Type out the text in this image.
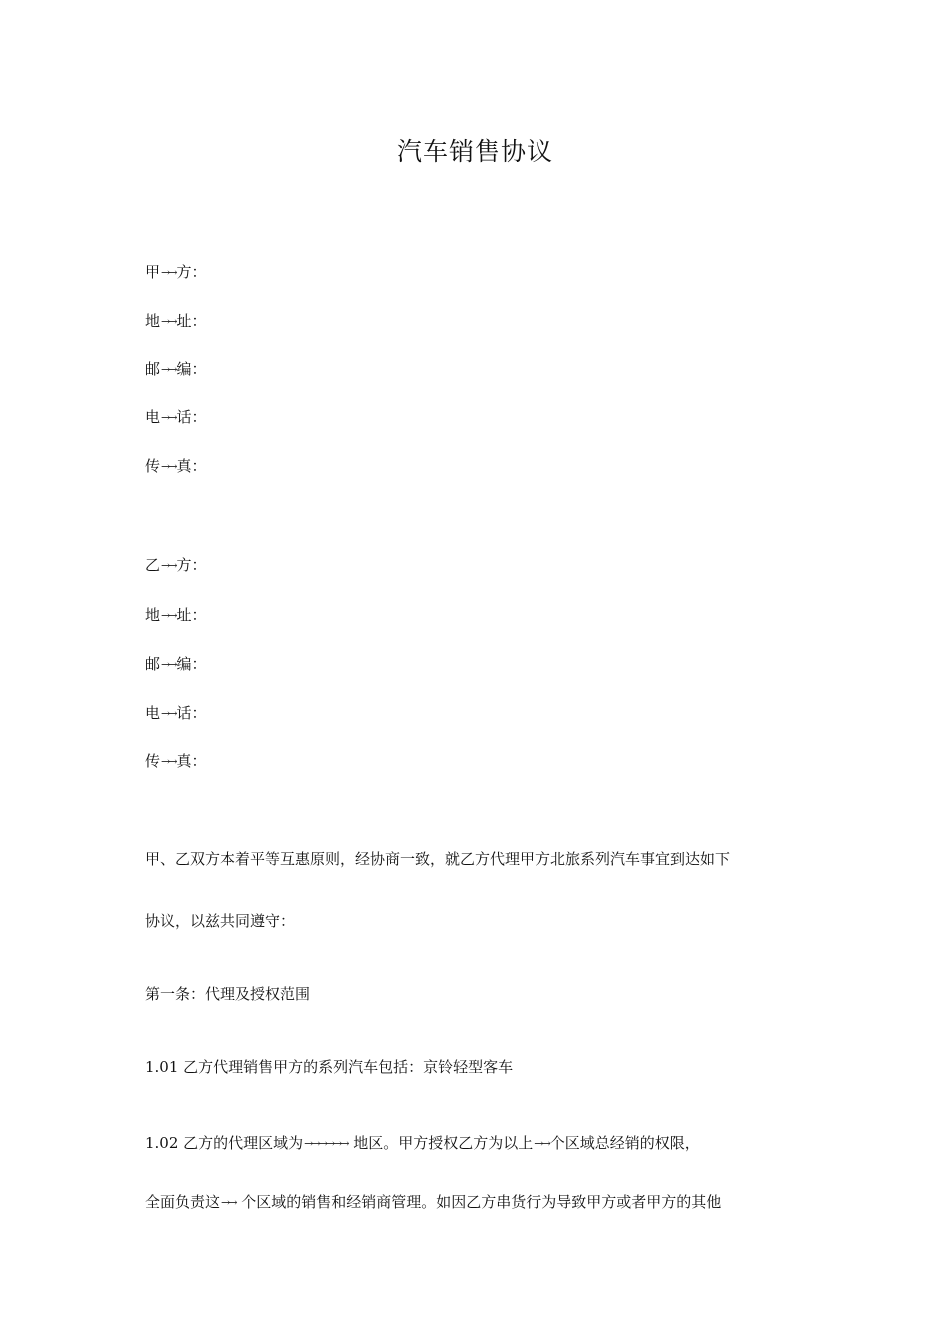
汽车销售协议
甲→→方：
地→→址：
邮→→编：
电→→话：
传→→真：
乙→→方：
地→→址：
邮→→编：
电→→话：
传→→真：
甲、乙双方本着平等互惠原则，经协商一致，就乙方代理甲方北旅系列汽车事宜到达如下
协议，以兹共同遵守：
第一条：代理及授权范围
1.01 乙方代理销售甲方的系列汽车包括：京铃轻型客车
1.02 乙方的代理区域为→→→→→→ 地区。甲方授权乙方为以上→→个区域总经销的权限，
全面负责这→→ 个区域的销售和经销商管理。如因乙方串货行为导致甲方或者甲方的其他
